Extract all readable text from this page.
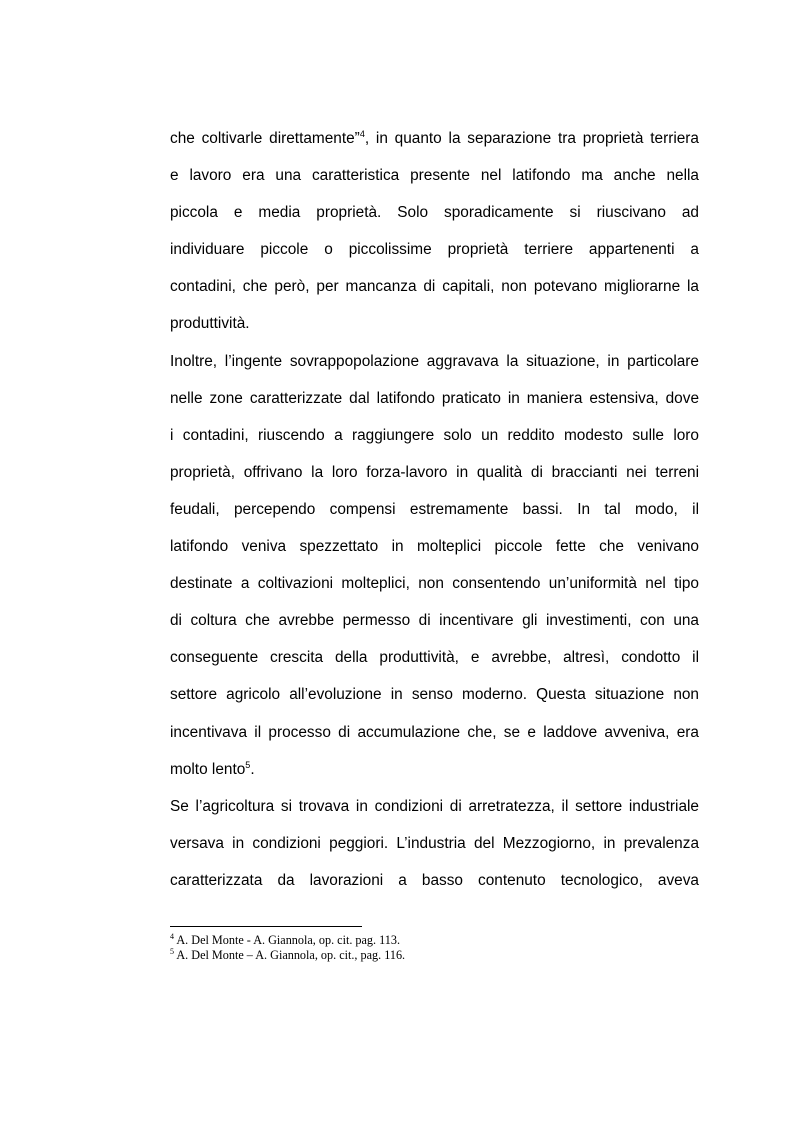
che coltivarle direttamente”$^4$, in quanto la separazione tra proprietà terriera
e lavoro era una caratteristica presente nel latifondo ma anche nella
piccola e media proprietà. Solo sporadicamente si riuscivano ad
individuare piccole o piccolissime proprietà terriere appartenenti a
contadini, che però, per mancanza di capitali, non potevano migliorarne la
produttività.
Inoltre, l’ingente sovrappopolazione aggravava la situazione, in particolare
nelle zone caratterizzate dal latifondo praticato in maniera estensiva, dove
i contadini, riuscendo a raggiungere solo un reddito modesto sulle loro
proprietà, offrivano la loro forza-lavoro in qualità di braccianti nei terreni
feudali, percependo compensi estremamente bassi. In tal modo, il
latifondo veniva spezzettato in molteplici piccole fette che venivano
destinate a coltivazioni molteplici, non consentendo un’uniformità nel tipo
di coltura che avrebbe permesso di incentivare gli investimenti, con una
conseguente crescita della produttività, e avrebbe, altresì, condotto il
settore agricolo all’evoluzione in senso moderno. Questa situazione non
incentivava il processo di accumulazione che, se e laddove avveniva, era
molto lento$^5$.
Se l’agricoltura si trovava in condizioni di arretratezza, il settore industriale
versava in condizioni peggiori. L’industria del Mezzogiorno, in prevalenza
caratterizzata da lavorazioni a basso contenuto tecnologico, aveva
$^4$ A. Del Monte - A. Giannola, op. cit. pag. 113.
$^5$ A. Del Monte – A. Giannola, op. cit., pag. 116.
